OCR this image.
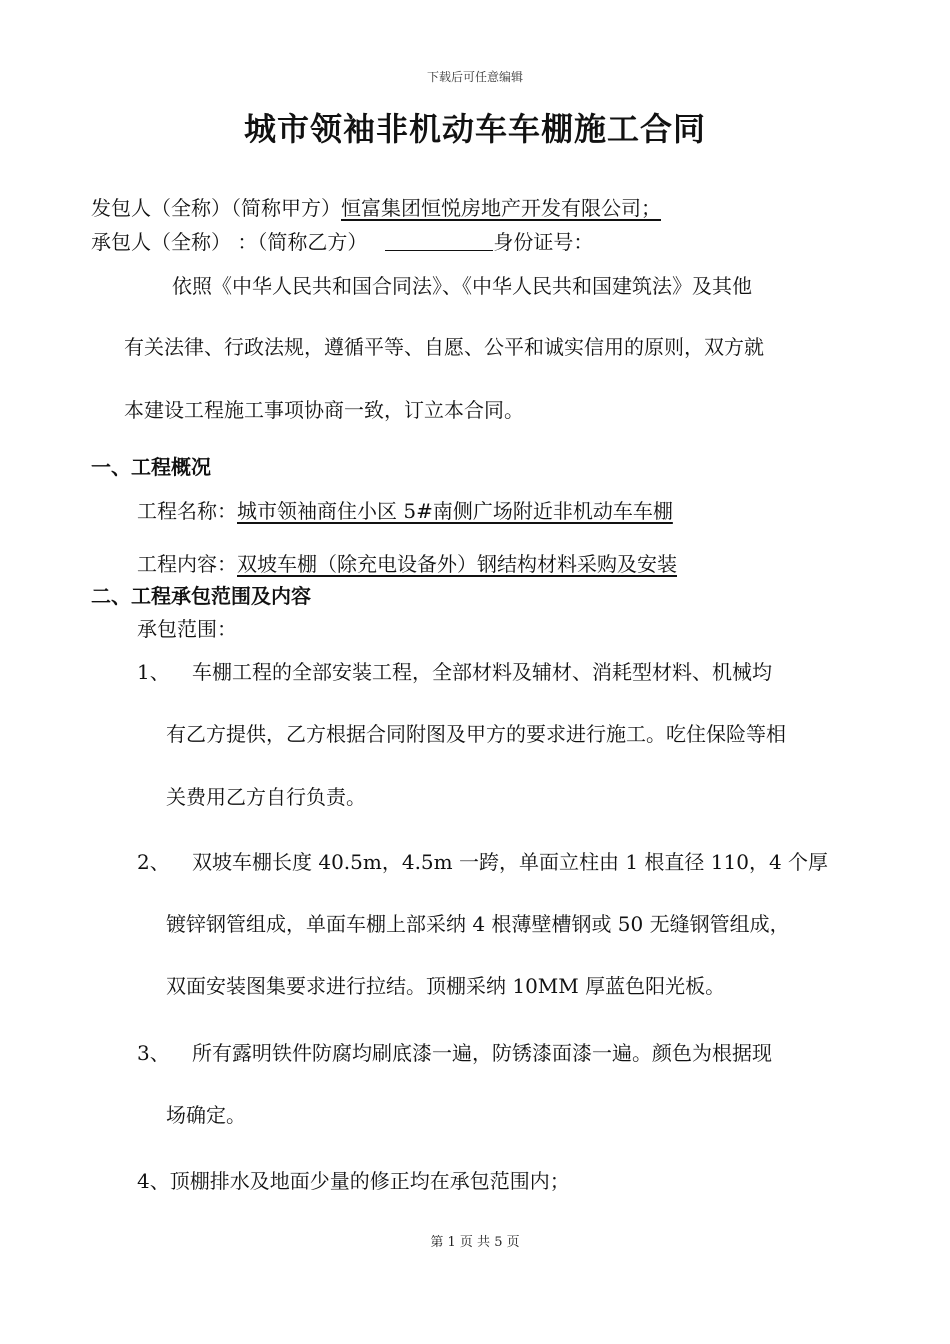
下载后可任意编辑
城市领袖非机动车车棚施工合同
发包人（全称）（简称甲方）恒富集团恒悦房地产开发有限公司；
承包人（全称） ：（简称乙方）	身份证号：
依照《中华人民共和国合同法》、《中华人民共和国建筑法》及其他
有关法律、行政法规，遵循平等、自愿、公平和诚实信用的原则，双方就
本建设工程施工事项协商一致，订立本合同。
一、工程概况
工程名称：城市领袖商住小区 5#南侧广场附近非机动车车棚
工程内容：双坡车棚（除充电设备外）钢结构材料采购及安装
二、工程承包范围及内容
承包范围：
1、 车棚工程的全部安装工程，全部材料及辅材、消耗型材料、机械均
有乙方提供，乙方根据合同附图及甲方的要求进行施工。吃住保险等相
关费用乙方自行负责。
2、 双坡车棚长度 40.5m，4.5m 一跨，单面立柱由 1 根直径 110，4 个厚
镀锌钢管组成，单面车棚上部采纳 4 根薄壁槽钢或 50 无缝钢管组成，
双面安装图集要求进行拉结。顶棚采纳 10MM 厚蓝色阳光板。
3、 所有露明铁件防腐均刷底漆一遍，防锈漆面漆一遍。颜色为根据现
场确定。
4、顶棚排水及地面少量的修正均在承包范围内；
第 1 页 共 5 页
